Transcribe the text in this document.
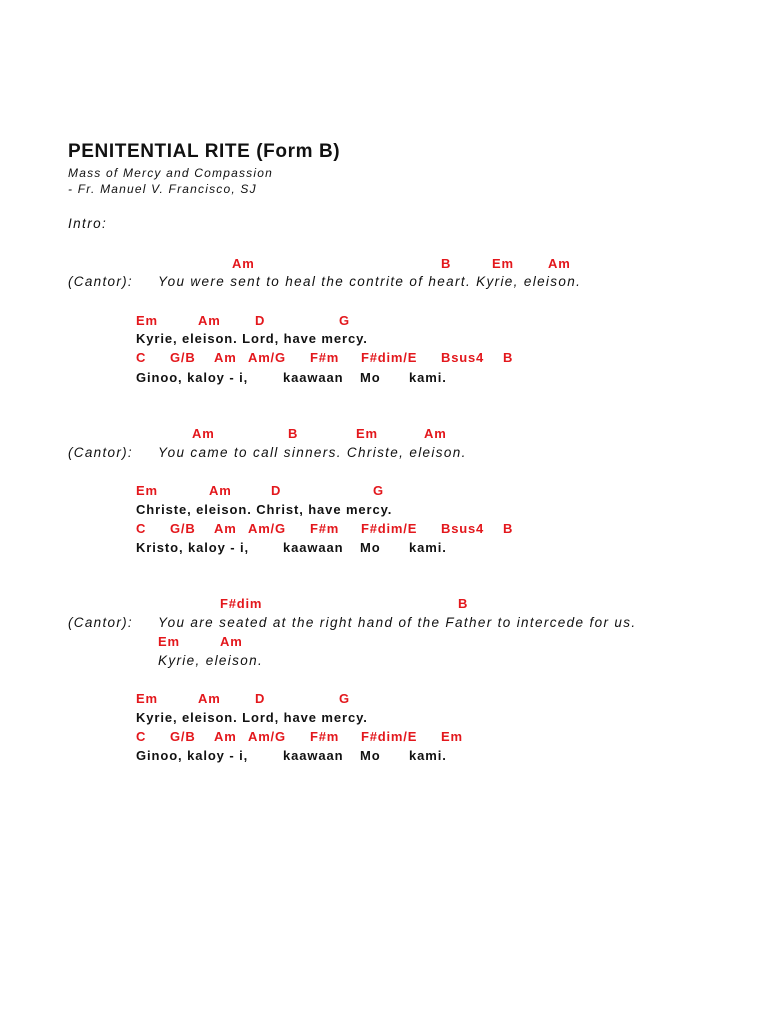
PENITENTIAL RITE (Form B)
Mass of Mercy and Compassion
- Fr. Manuel V. Francisco, SJ
Intro:
Am	B	Em	Am
(Cantor): You were sent to heal the contrite of heart. Kyrie, eleison.
Em	Am	D	G
Kyrie, eleison. Lord, have mercy.
C G/B Am Am/G F#m F#dim/E Bsus4 B
Ginoo, kaloy - i,	kaawaan Mo kami.
Am	B	Em	Am
(Cantor): You came to call sinners. Christe, eleison.
Em	Am	D	G
Christe, eleison. Christ, have mercy.
C G/B Am Am/G F#m F#dim/E Bsus4 B
Kristo, kaloy - i,	kaawaan Mo kami.
F#dim	B
(Cantor): You are seated at the right hand of the Father to intercede for us.
Em	Am
Kyrie, eleison.
Em	Am	D	G
Kyrie, eleison. Lord, have mercy.
C G/B Am Am/G F#m F#dim/E Em
Ginoo, kaloy - i,	kaawaan Mo kami.
